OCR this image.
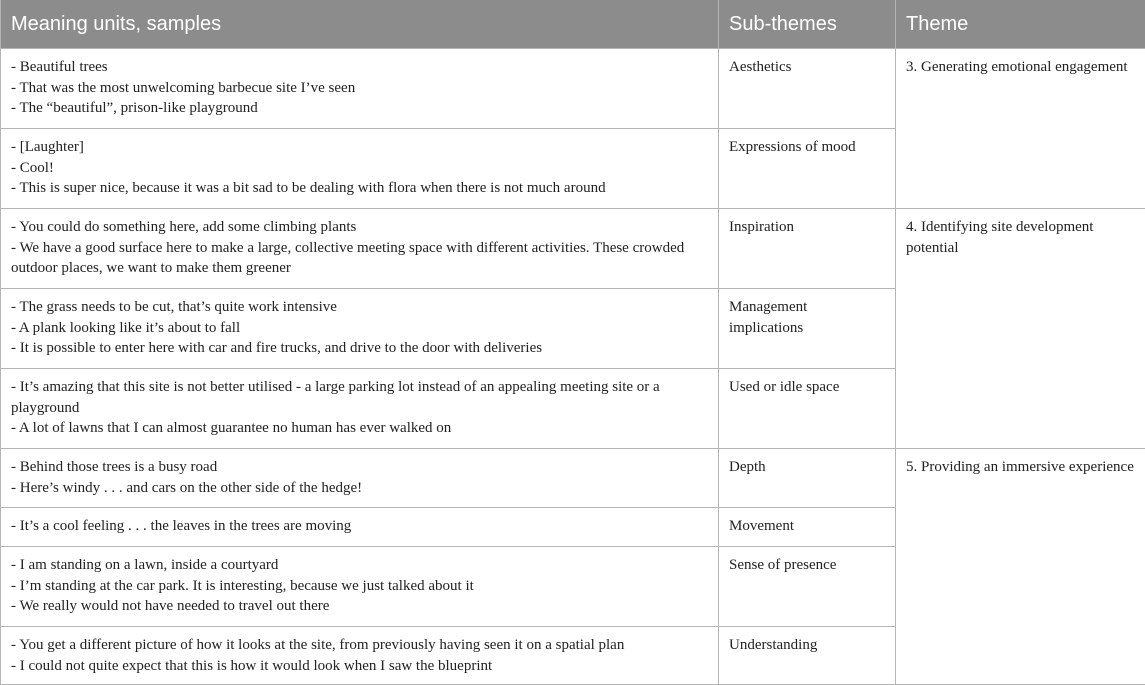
Meaning units, samples	Sub-themes	Theme

- Beautiful trees
- That was the most unwelcoming barbecue site I’ve seen
- The “beautiful”, prison-like playground	Aesthetics	3. Generating emotional engagement

- [Laughter]
- Cool!
- This is super nice, because it was a bit sad to be dealing with flora when there is not much around	Expressions of mood	

- You could do something here, add some climbing plants
- We have a good surface here to make a large, collective meeting space with different activities. These crowded outdoor places, we want to make them greener	Inspiration	4. Identifying site development potential

- The grass needs to be cut, that’s quite work intensive
- A plank looking like it’s about to fall
- It is possible to enter here with car and fire trucks, and drive to the door with deliveries	Management implications	

- It’s amazing that this site is not better utilised - a large parking lot instead of an appealing meeting site or a playground
- A lot of lawns that I can almost guarantee no human has ever walked on	Used or idle space	

- Behind those trees is a busy road
- Here’s windy . . . and cars on the other side of the hedge!	Depth	5. Providing an immersive experience

- It’s a cool feeling . . . the leaves in the trees are moving	Movement	

- I am standing on a lawn, inside a courtyard
- I’m standing at the car park. It is interesting, because we just talked about it
- We really would not have needed to travel out there	Sense of presence	

- You get a different picture of how it looks at the site, from previously having seen it on a spatial plan
- I could not quite expect that this is how it would look when I saw the blueprint	Understanding	
